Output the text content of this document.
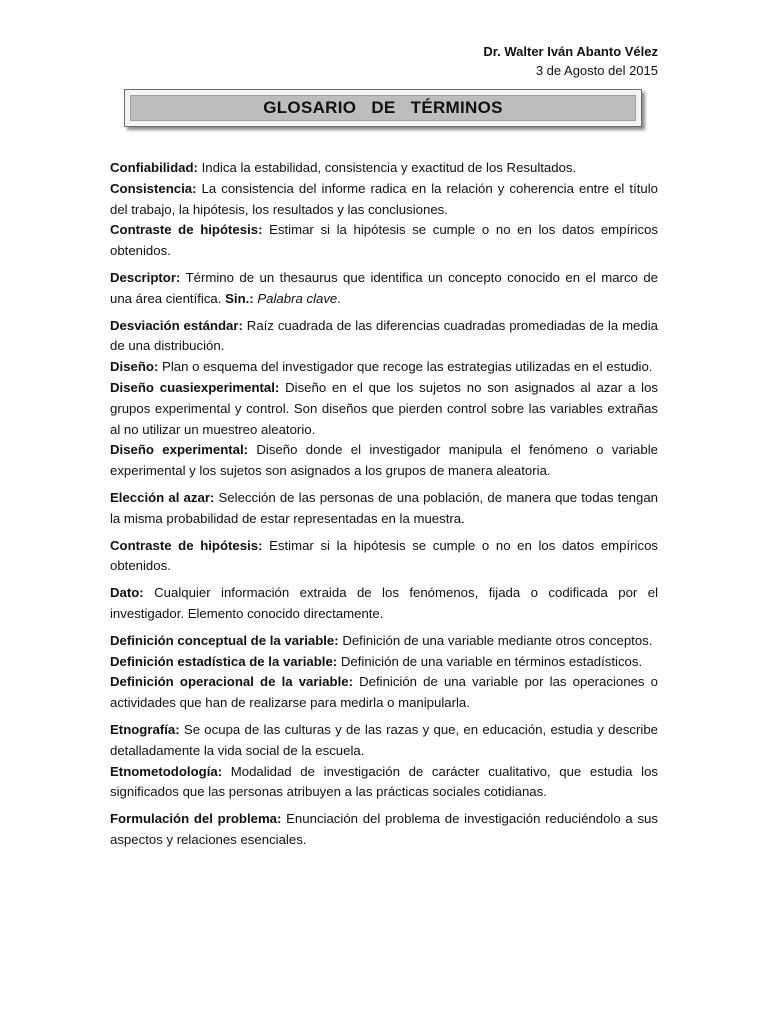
Dr. Walter Iván Abanto Vélez
3 de Agosto del 2015
GLOSARIO   DE   TÉRMINOS

Confiabilidad: Indica la estabilidad, consistencia y exactitud de los Resultados.

Consistencia: La consistencia del informe radica en la relación y coherencia entre el título del trabajo, la hipótesis, los resultados y las conclusiones.

Contraste de hipótesis: Estimar si la hipótesis se cumple o no en los datos empíricos obtenidos.

Descriptor: Término de un thesaurus que identifica un concepto conocido en el marco de una área científica. Sin.: Palabra clave.

Desviación estándar: Raíz cuadrada de las diferencias cuadradas promediadas de la media de una distribución.

Diseño: Plan o esquema del investigador que recoge las estrategias utilizadas en el estudio.

Diseño cuasiexperimental: Diseño en el que los sujetos no son asignados al azar a los grupos experimental y control. Son diseños que pierden control sobre las variables extrañas al no utilizar un muestreo aleatorio.

Diseño experimental: Diseño donde el investigador manipula el fenómeno o variable experimental y los sujetos son asignados a los grupos de manera aleatoria.

Elección al azar: Selección de las personas de una población, de manera que todas tengan la misma probabilidad de estar representadas en la muestra.

Contraste de hipótesis: Estimar si la hipótesis se cumple o no en los datos empíricos obtenidos.

Dato: Cualquier información extraida de los fenómenos, fijada o codificada por el investigador. Elemento conocido directamente.

Definición conceptual de la variable: Definición de una variable mediante otros conceptos.

Definición estadística de la variable: Definición de una variable en términos estadísticos.

Definición operacional de la variable: Definición de una variable por las operaciones o actividades que han de realizarse para medirla o manipularla.

Etnografía: Se ocupa de las culturas y de las razas y que, en educación, estudia y describe detalladamente la vida social de la escuela.

Etnometodología: Modalidad de investigación de carácter cualitativo, que estudia los significados que las personas atribuyen a las prácticas sociales cotidianas.

Formulación del problema: Enunciación del problema de investigación reduciéndolo a sus aspectos y relaciones esenciales.
